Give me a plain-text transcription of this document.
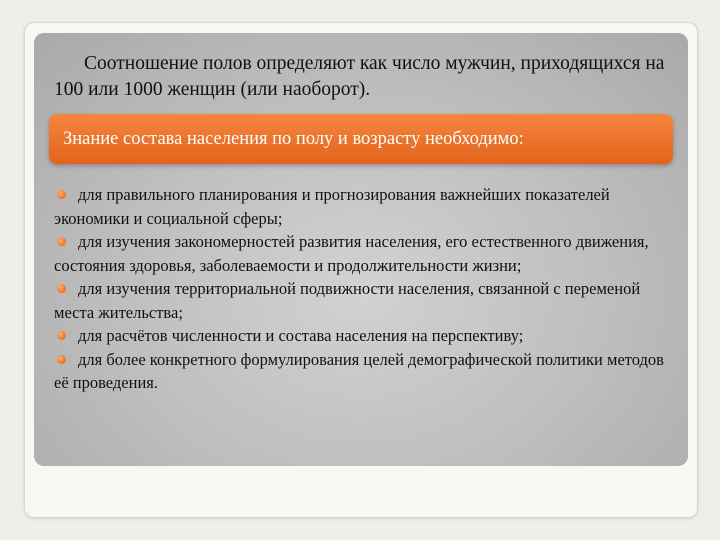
Соотношение полов определяют как число мужчин, приходящихся на 100 или 1000 женщин (или наоборот).

Знание состава населения по полу и возрасту необходимо:
для правильного планирования и прогнозирования важнейших показателей экономики и социальной сферы;
для изучения закономерностей развития населения, его естественного движения, состояния здоровья, заболеваемости и продолжительности жизни;
для изучения территориальной подвижности населения, связанной с переменой места жительства;
для расчётов численности и состава населения на перспективу;
для более конкретного формулирования целей демографической политики методов её проведения.
